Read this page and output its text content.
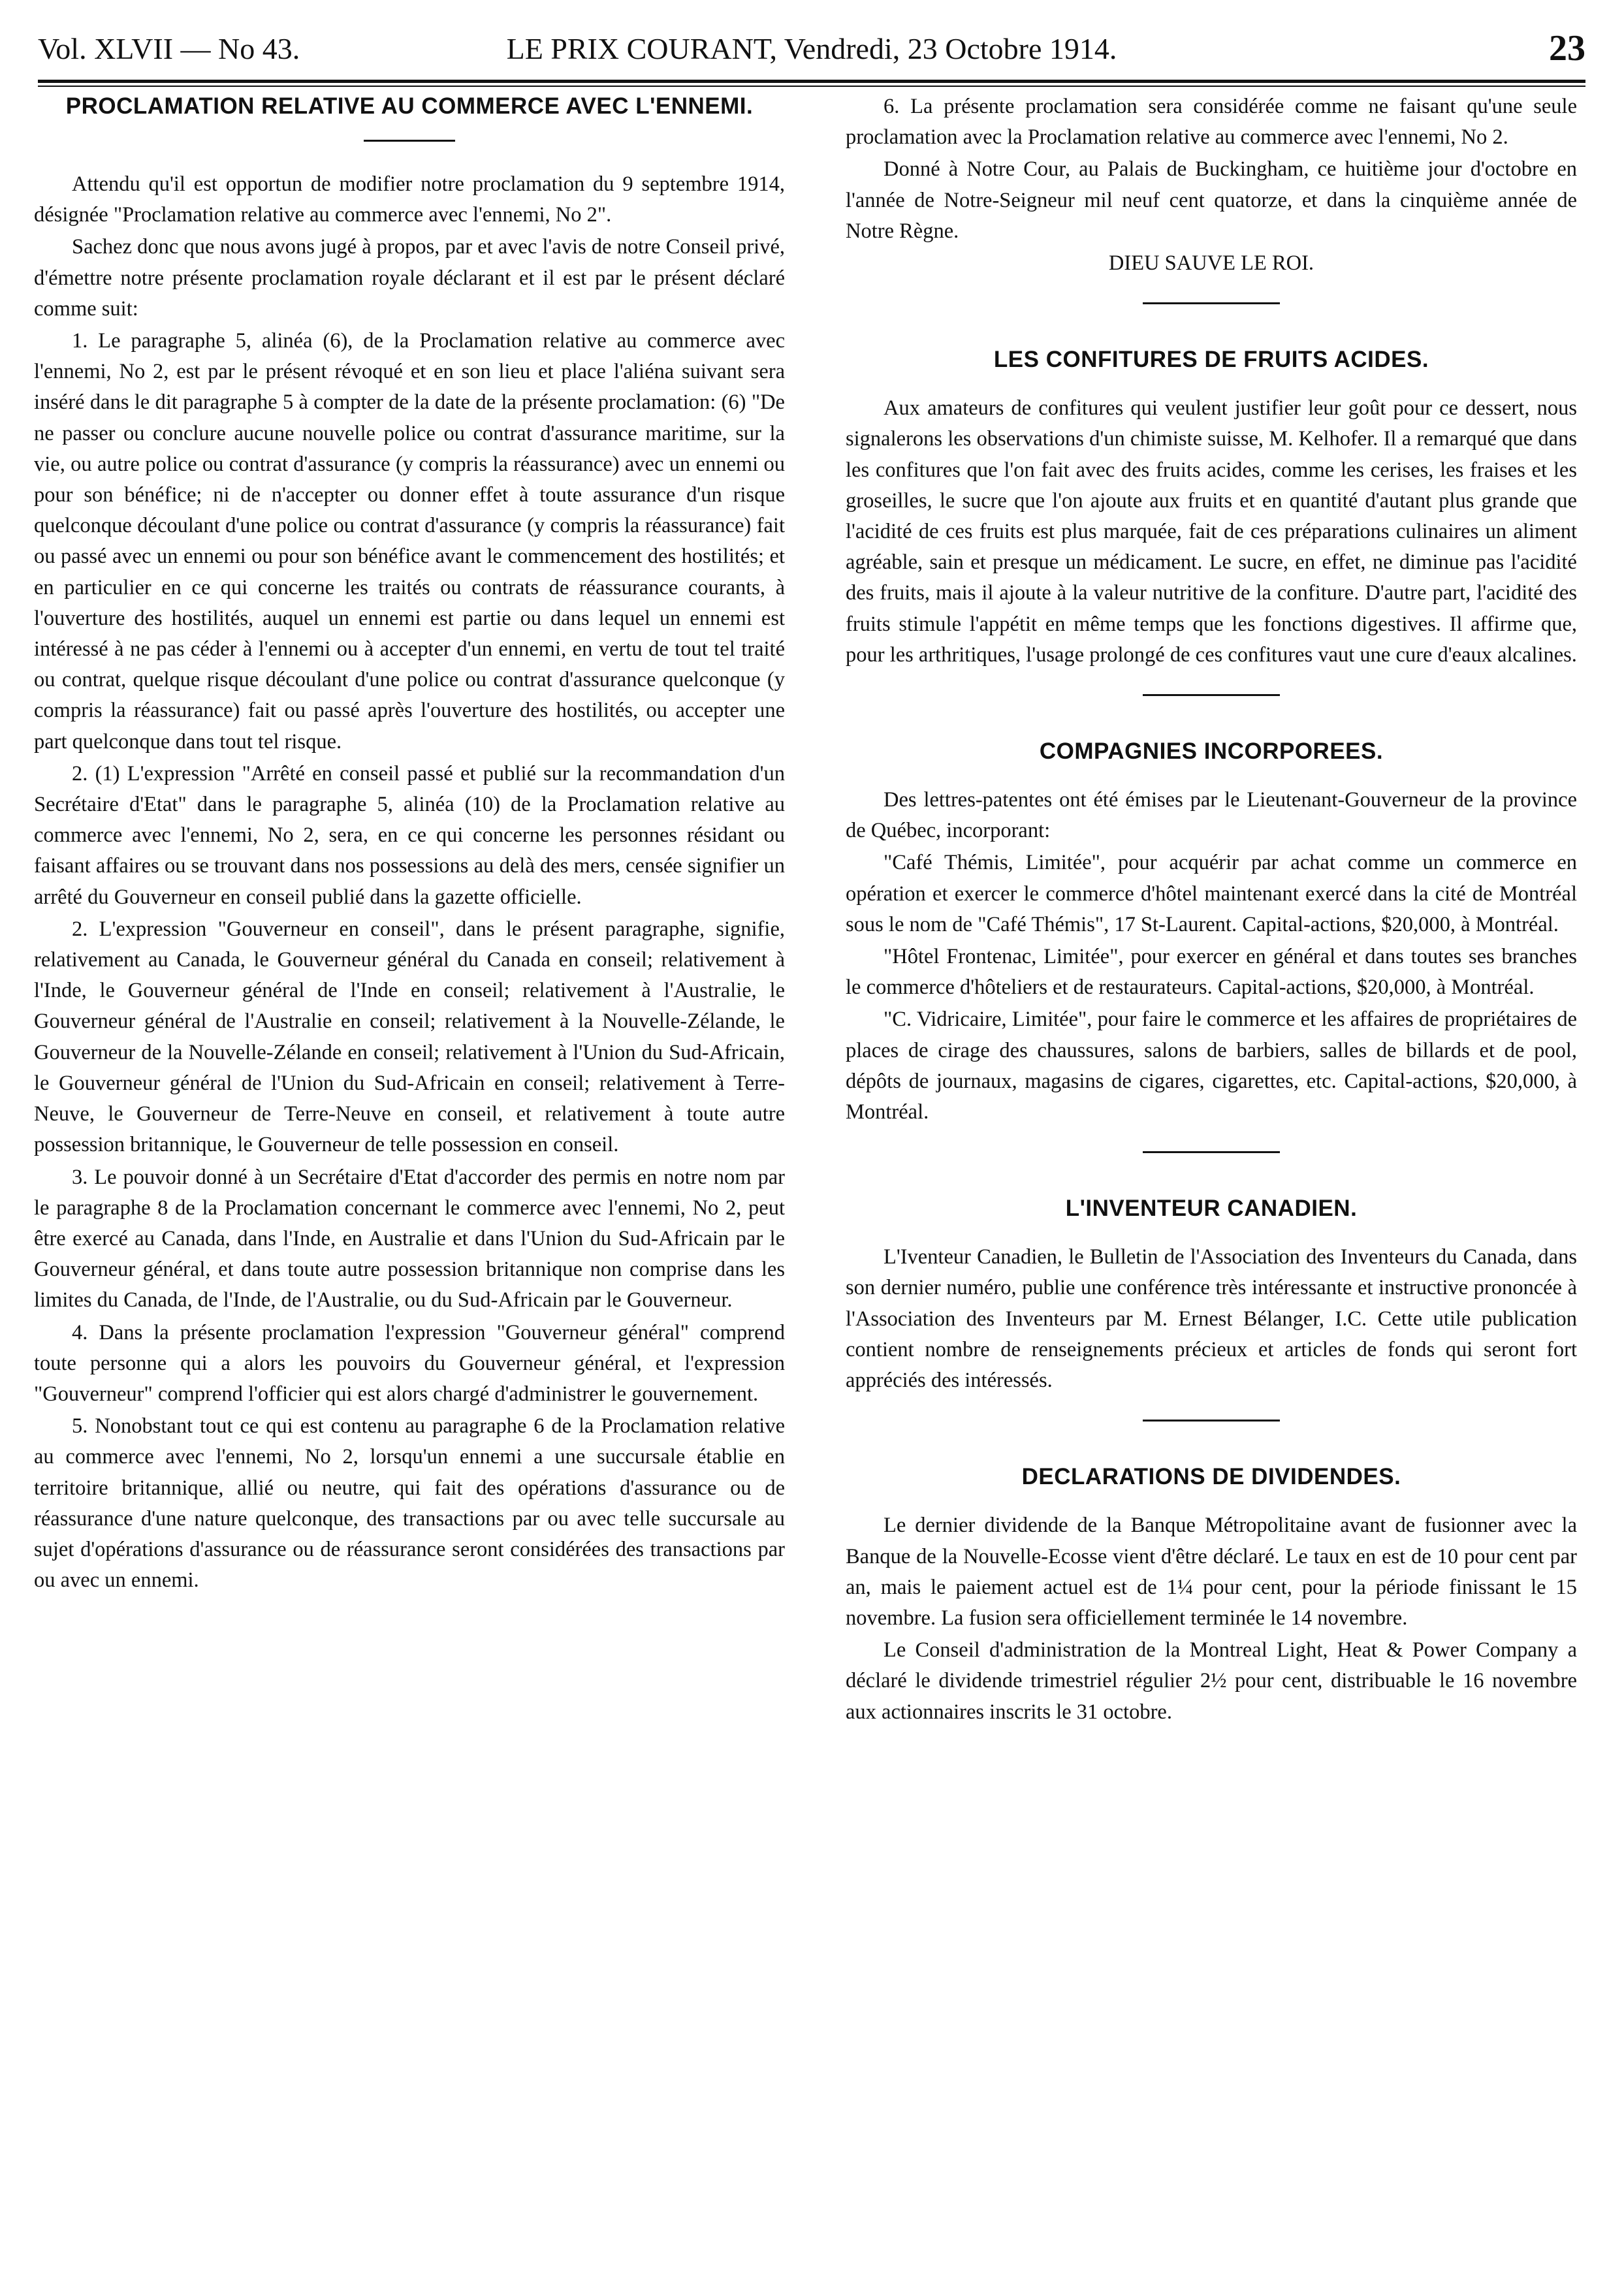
Vol. XLVII — No 43.	LE PRIX COURANT, Vendredi, 23 Octobre 1914.	23
PROCLAMATION RELATIVE AU COMMERCE AVEC L'ENNEMI.

Attendu qu'il est opportun de modifier notre proclamation du 9 septembre 1914, désignée "Proclamation relative au commerce avec l'ennemi, No 2".

Sachez donc que nous avons jugé à propos, par et avec l'avis de notre Conseil privé, d'émettre notre présente proclamation royale déclarant et il est par le présent déclaré comme suit:

1. Le paragraphe 5, alinéa (6), de la Proclamation relative au commerce avec l'ennemi, No 2, est par le présent révoqué et en son lieu et place l'aliéna suivant sera inséré dans le dit paragraphe 5 à compter de la date de la présente proclamation: (6) "De ne passer ou conclure aucune nouvelle police ou contrat d'assurance maritime, sur la vie, ou autre police ou contrat d'assurance (y compris la réassurance) avec un ennemi ou pour son bénéfice; ni de n'accepter ou donner effet à toute assurance d'un risque quelconque découlant d'une police ou contrat d'assurance (y compris la réassurance) fait ou passé avec un ennemi ou pour son bénéfice avant le commencement des hostilités; et en particulier en ce qui concerne les traités ou contrats de réassurance courants, à l'ouverture des hostilités, auquel un ennemi est partie ou dans lequel un ennemi est intéressé à ne pas céder à l'ennemi ou à accepter d'un ennemi, en vertu de tout tel traité ou contrat, quelque risque découlant d'une police ou contrat d'assurance quelconque (y compris la réassurance) fait ou passé après l'ouverture des hostilités, ou accepter une part quelconque dans tout tel risque.

2. (1) L'expression "Arrêté en conseil passé et publié sur la recommandation d'un Secrétaire d'Etat" dans le paragraphe 5, alinéa (10) de la Proclamation relative au commerce avec l'ennemi, No 2, sera, en ce qui concerne les personnes résidant ou faisant affaires ou se trouvant dans nos possessions au delà des mers, censée signifier un arrêté du Gouverneur en conseil publié dans la gazette officielle.

2. L'expression "Gouverneur en conseil", dans le présent paragraphe, signifie, relativement au Canada, le Gouverneur général du Canada en conseil; relativement à l'Inde, le Gouverneur général de l'Inde en conseil; relativement à l'Australie, le Gouverneur général de l'Australie en conseil; relativement à la Nouvelle-Zélande, le Gouverneur de la Nouvelle-Zélande en conseil; relativement à l'Union du Sud-Africain, le Gouverneur général de l'Union du Sud-Africain en conseil; relativement à Terre-Neuve, le Gouverneur de Terre-Neuve en conseil, et relativement à toute autre possession britannique, le Gouverneur de telle possession en conseil.

3. Le pouvoir donné à un Secrétaire d'Etat d'accorder des permis en notre nom par le paragraphe 8 de la Proclamation concernant le commerce avec l'ennemi, No 2, peut être exercé au Canada, dans l'Inde, en Australie et dans l'Union du Sud-Africain par le Gouverneur général, et dans toute autre possession britannique non comprise dans les limites du Canada, de l'Inde, de l'Australie, ou du Sud-Africain par le Gouverneur.

4. Dans la présente proclamation l'expression "Gouverneur général" comprend toute personne qui a alors les pouvoirs du Gouverneur général, et l'expression "Gouverneur" comprend l'officier qui est alors chargé d'administrer le gouvernement.

5. Nonobstant tout ce qui est contenu au paragraphe 6 de la Proclamation relative au commerce avec l'ennemi, No 2, lorsqu'un ennemi a une succursale établie en territoire britannique, allié ou neutre, qui fait des opérations d'assurance ou de réassurance d'une nature quelconque, des transactions par ou avec telle succursale au sujet d'opérations d'assurance ou de réassurance seront considérées des transactions par ou avec un ennemi.

6. La présente proclamation sera considérée comme ne faisant qu'une seule proclamation avec la Proclamation relative au commerce avec l'ennemi, No 2.

Donné à Notre Cour, au Palais de Buckingham, ce huitième jour d'octobre en l'année de Notre-Seigneur mil neuf cent quatorze, et dans la cinquième année de Notre Règne.

DIEU SAUVE LE ROI.

LES CONFITURES DE FRUITS ACIDES.

Aux amateurs de confitures qui veulent justifier leur goût pour ce dessert, nous signalerons les observations d'un chimiste suisse, M. Kelhofer. Il a remarqué que dans les confitures que l'on fait avec des fruits acides, comme les cerises, les fraises et les groseilles, le sucre que l'on ajoute aux fruits et en quantité d'autant plus grande que l'acidité de ces fruits est plus marquée, fait de ces préparations culinaires un aliment agréable, sain et presque un médicament. Le sucre, en effet, ne diminue pas l'acidité des fruits, mais il ajoute à la valeur nutritive de la confiture. D'autre part, l'acidité des fruits stimule l'appétit en même temps que les fonctions digestives. Il affirme que, pour les arthritiques, l'usage prolongé de ces confitures vaut une cure d'eaux alcalines.

COMPAGNIES INCORPOREES.

Des lettres-patentes ont été émises par le Lieutenant-Gouverneur de la province de Québec, incorporant:

"Café Thémis, Limitée", pour acquérir par achat comme un commerce en opération et exercer le commerce d'hôtel maintenant exercé dans la cité de Montréal sous le nom de "Café Thémis", 17 St-Laurent. Capital-actions, $20,000, à Montréal.

"Hôtel Frontenac, Limitée", pour exercer en général et dans toutes ses branches le commerce d'hôteliers et de restaurateurs. Capital-actions, $20,000, à Montréal.

"C. Vidricaire, Limitée", pour faire le commerce et les affaires de propriétaires de places de cirage des chaussures, salons de barbiers, salles de billards et de pool, dépôts de journaux, magasins de cigares, cigarettes, etc. Capital-actions, $20,000, à Montréal.

L'INVENTEUR CANADIEN.

L'Iventeur Canadien, le Bulletin de l'Association des Inventeurs du Canada, dans son dernier numéro, publie une conférence très intéressante et instructive prononcée à l'Association des Inventeurs par M. Ernest Bélanger, I.C. Cette utile publication contient nombre de renseignements précieux et articles de fonds qui seront fort appréciés des intéressés.

DECLARATIONS DE DIVIDENDES.

Le dernier dividende de la Banque Métropolitaine avant de fusionner avec la Banque de la Nouvelle-Ecosse vient d'être déclaré. Le taux en est de 10 pour cent par an, mais le paiement actuel est de 1¼ pour cent, pour la période finissant le 15 novembre. La fusion sera officiellement terminée le 14 novembre.

Le Conseil d'administration de la Montreal Light, Heat & Power Company a déclaré le dividende trimestriel régulier 2½ pour cent, distribuable le 16 novembre aux actionnaires inscrits le 31 octobre.
